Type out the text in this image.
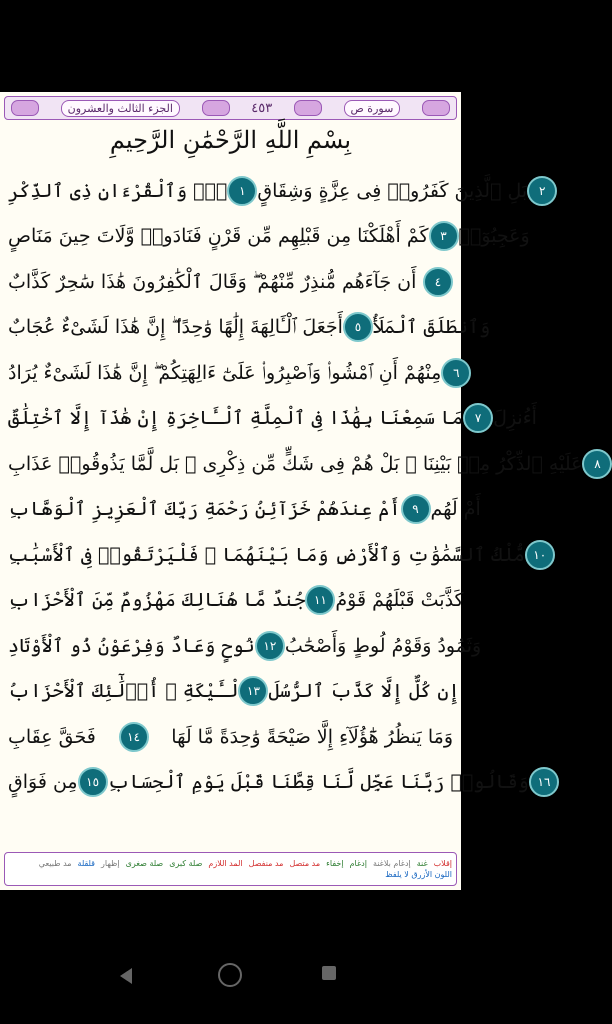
الجزء الثالث والعشرون	٤٥٣	سورة ص
بِسْمِ اللَّهِ الرَّحْمَٰنِ الرَّحِيمِ
صٓۚ وَٱلْقُرْءَانِ ذِى ٱلذِّكْرِ ١ بَلِ ٱلَّذِينَ كَفَرُوا۟ فِى عِزَّةٍ وَشِقَاقٍ ٢
كَمْ أَهْلَكْنَا مِن قَبْلِهِم مِّن قَرْنٍ فَنَادَوا۟ وَّلَاتَ حِينَ مَنَاصٍ ٣ وَعَجِبُوٓا۟
أَن جَآءَهُم مُّنذِرٌ مِّنْهُمْ ۖ وَقَالَ ٱلْكَٰفِرُونَ هَٰذَا سَٰحِرٌ كَذَّابٌ	٤
أَجَعَلَ ٱلْـَٔالِهَةَ إِلَٰهًا وَٰحِدًا ۖ إِنَّ هَٰذَا لَشَىْءٌ عُجَابٌ ٥ وَٱنطَلَقَ ٱلْمَلَأُ
مِنْهُمْ أَنِ ٱمْشُوا۟ وَٱصْبِرُوا۟ عَلَىٰٓ ءَالِهَتِكُمْ ۖ إِنَّ هَٰذَا لَشَىْءٌ يُرَادُ ٦
مَا سَمِعْنَا بِهَٰذَا فِى ٱلْمِلَّةِ ٱلْـَٔاخِرَةِ إِنْ هَٰذَآ إِلَّا ٱخْتِلَٰقٌ ٧ أَءُنزِلَ
عَلَيْهِ ٱلذِّكْرُ مِنۢ بَيْنِنَا ۚ بَلْ هُمْ فِى شَكٍّ مِّن ذِكْرِى ۖ بَل لَّمَّا يَذُوقُوا۟ عَذَابِ ٨
أَمْ عِندَهُمْ خَزَآئِنُ رَحْمَةِ رَبِّكَ ٱلْعَزِيزِ ٱلْوَهَّابِ ٩ أَمْ لَهُم
مُّلْكُ ٱلسَّمَٰوَٰتِ وَٱلْأَرْضِ وَمَا بَيْنَهُمَا ۖ فَلْيَرْتَقُوا۟ فِى ٱلْأَسْبَٰبِ ١٠
جُندٌ مَّا هُنَالِكَ مَهْزُومٌ مِّنَ ٱلْأَحْزَابِ ١١ كَذَّبَتْ قَبْلَهُمْ قَوْمُ
نُوحٍ وَعَادٌ وَفِرْعَوْنُ ذُو ٱلْأَوْتَادِ ١٢ وَثَمُودُ وَقَوْمُ لُوطٍ وَأَصْحَٰبُ
لْـَٔيْكَةِ ۚ أُو۟لَٰٓئِكَ ٱلْأَحْزَابُ ١٣ إِن كُلٌّ إِلَّا كَذَّبَ ٱلرُّسُلَ
فَحَقَّ عِقَابِ	١٤	وَمَا يَنظُرُ هَٰٓؤُلَآءِ إِلَّا صَيْحَةً وَٰحِدَةً مَّا لَهَا
مِن فَوَاقٍ ١٥ وَقَالُوا۟ رَبَّنَا عَجِّل لَّنَا قِطَّنَا قَبْلَ يَوْمِ ٱلْحِسَابِ ١٦
إقلاب
غنة
إدغام بلاغنة
إدغام
إخفاء
مد متصل
مد منفصل
المد اللازم
صلة كبرى
صلة صغرى
إظهار
قلقلة
مد طبيعي
اللون الأزرق لا يلفظ
